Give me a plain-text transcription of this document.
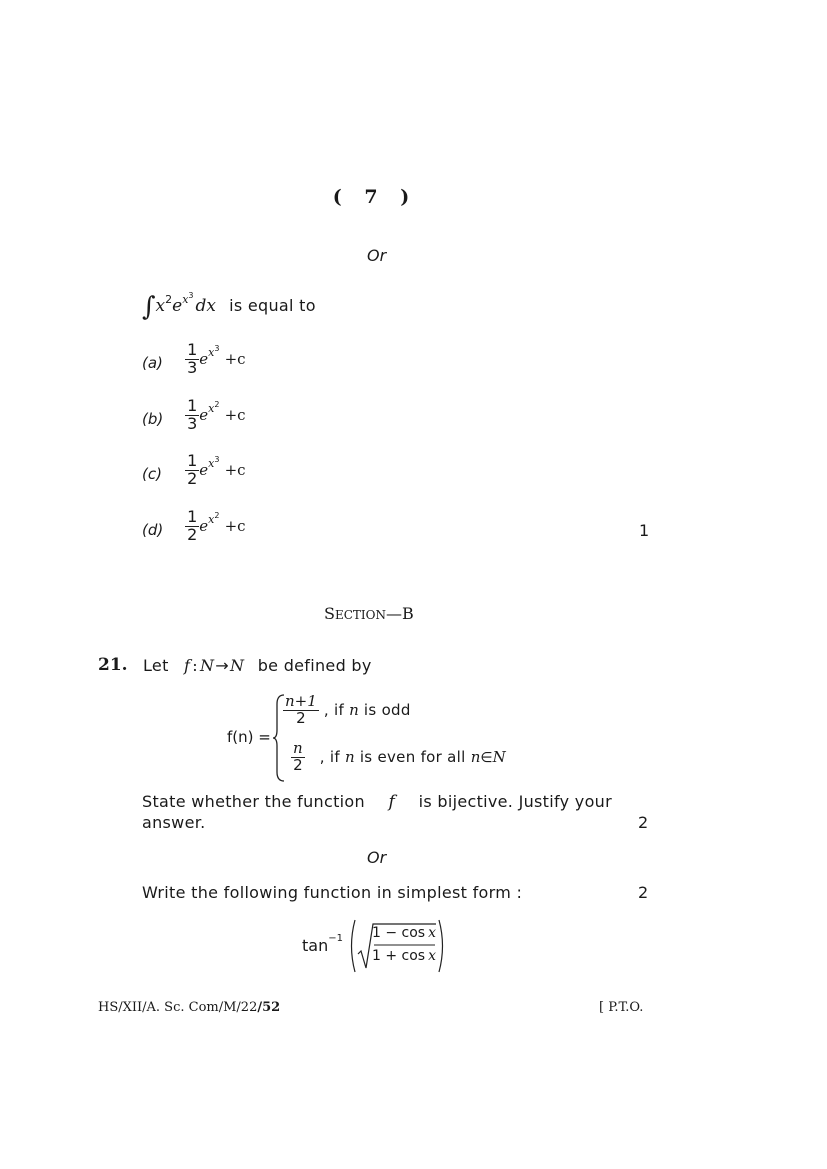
( 7 )
Or
$\int x^2e^{x3}dx$ is equal to
$(a) \frac{1}{3} e^{x3} +c$
$(b) \frac{1}{3} e^{x2} +c$
$(c) \frac{1}{2} e^{x3} +c$
$(d) \frac{1}{2} e^{x2} +c$	1
SECTION—B
21. Let f : N→N be defined by
f(n) =
$\frac{n+1}{2}$ , if n is odd
$\frac{n}{2}$ , if n is even for all n∈N
State whether the function f is bijective. Justify your
answer.	2
Or
Write the following function in simplest form :	2
$\tan_{-1} 1 - \cos x$
1 + cos x
HS/XII/A. Sc. Com/M/22/52	[ P.T.O.
